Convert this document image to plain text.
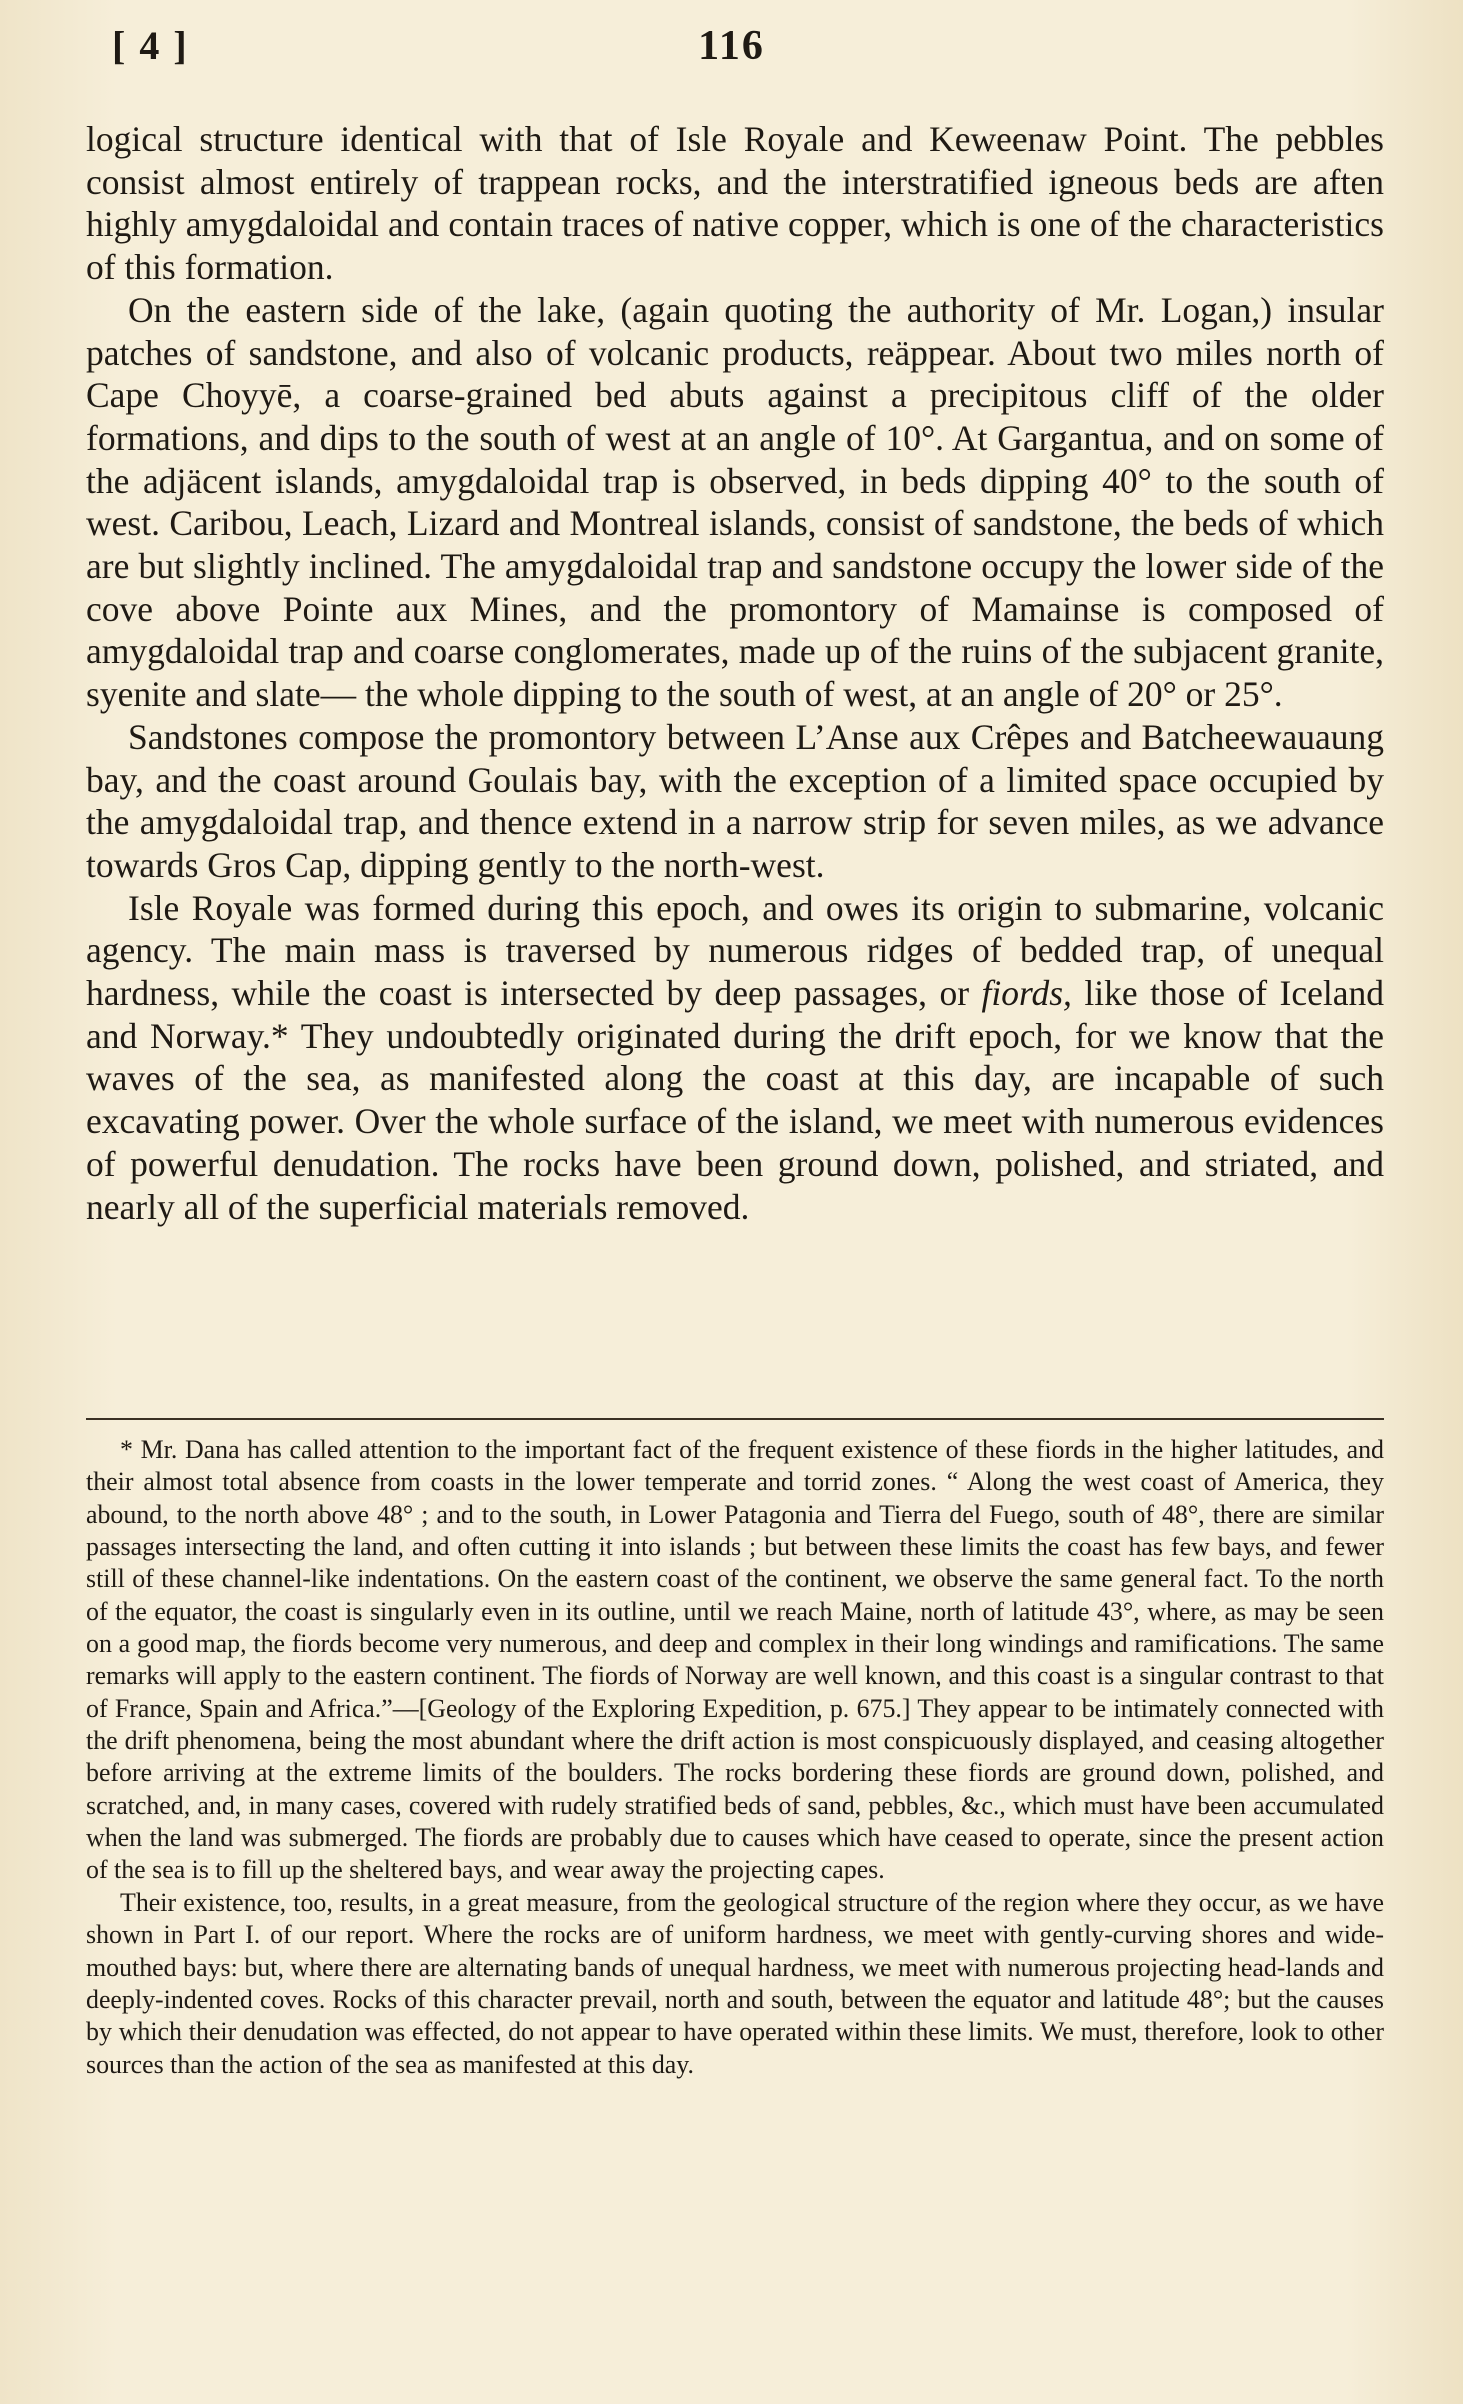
[ 4 ]	116

logical structure identical with that of Isle Royale and Keweenaw Point. The pebbles consist almost entirely of trappean rocks, and the interstratified igneous beds are aften highly amygdaloidal and contain traces of native copper, which is one of the characteristics of this formation.

On the eastern side of the lake, (again quoting the authority of Mr. Logan,) insular patches of sandstone, and also of volcanic products, reäppear. About two miles north of Cape Choyyē, a coarse-grained bed abuts against a precipitous cliff of the older formations, and dips to the south of west at an angle of 10°. At Gargantua, and on some of the adjäcent islands, amygdaloidal trap is observed, in beds dipping 40° to the south of west. Caribou, Leach, Lizard and Montreal islands, consist of sandstone, the beds of which are but slightly inclined. The amygdaloidal trap and sandstone occupy the lower side of the cove above Pointe aux Mines, and the promontory of Mamainse is composed of amygdaloidal trap and coarse conglomerates, made up of the ruins of the subjacent granite, syenite and slate— the whole dipping to the south of west, at an angle of 20° or 25°.

Sandstones compose the promontory between L’Anse aux Crêpes and Batcheewauaung bay, and the coast around Goulais bay, with the exception of a limited space occupied by the amygdaloidal trap, and thence extend in a narrow strip for seven miles, as we advance towards Gros Cap, dipping gently to the north-west.

Isle Royale was formed during this epoch, and owes its origin to submarine, volcanic agency. The main mass is traversed by numerous ridges of bedded trap, of unequal hardness, while the coast is intersected by deep passages, or fiords, like those of Iceland and Norway.* They undoubtedly originated during the drift epoch, for we know that the waves of the sea, as manifested along the coast at this day, are incapable of such excavating power. Over the whole surface of the island, we meet with numerous evidences of powerful denudation. The rocks have been ground down, polished, and striated, and nearly all of the superficial materials removed.

* Mr. Dana has called attention to the important fact of the frequent existence of these fiords in the higher latitudes, and their almost total absence from coasts in the lower temperate and torrid zones. “ Along the west coast of America, they abound, to the north above 48° ; and to the south, in Lower Patagonia and Tierra del Fuego, south of 48°, there are similar passages intersecting the land, and often cutting it into islands ; but between these limits the coast has few bays, and fewer still of these channel-like indentations. On the eastern coast of the continent, we observe the same general fact. To the north of the equator, the coast is singularly even in its outline, until we reach Maine, north of latitude 43°, where, as may be seen on a good map, the fiords become very numerous, and deep and complex in their long windings and ramifications. The same remarks will apply to the eastern continent. The fiords of Norway are well known, and this coast is a singular contrast to that of France, Spain and Africa.”—[Geology of the Exploring Expedition, p. 675.] They appear to be intimately connected with the drift phenomena, being the most abundant where the drift action is most conspicuously displayed, and ceasing altogether before arriving at the extreme limits of the boulders. The rocks bordering these fiords are ground down, polished, and scratched, and, in many cases, covered with rudely stratified beds of sand, pebbles, &c., which must have been accumulated when the land was submerged. The fiords are probably due to causes which have ceased to operate, since the present action of the sea is to fill up the sheltered bays, and wear away the projecting capes.

Their existence, too, results, in a great measure, from the geological structure of the region where they occur, as we have shown in Part I. of our report. Where the rocks are of uniform hardness, we meet with gently-curving shores and wide-mouthed bays: but, where there are alternating bands of unequal hardness, we meet with numerous projecting head-lands and deeply-indented coves. Rocks of this character prevail, north and south, between the equator and latitude 48°; but the causes by which their denudation was effected, do not appear to have operated within these limits. We must, therefore, look to other sources than the action of the sea as manifested at this day.
